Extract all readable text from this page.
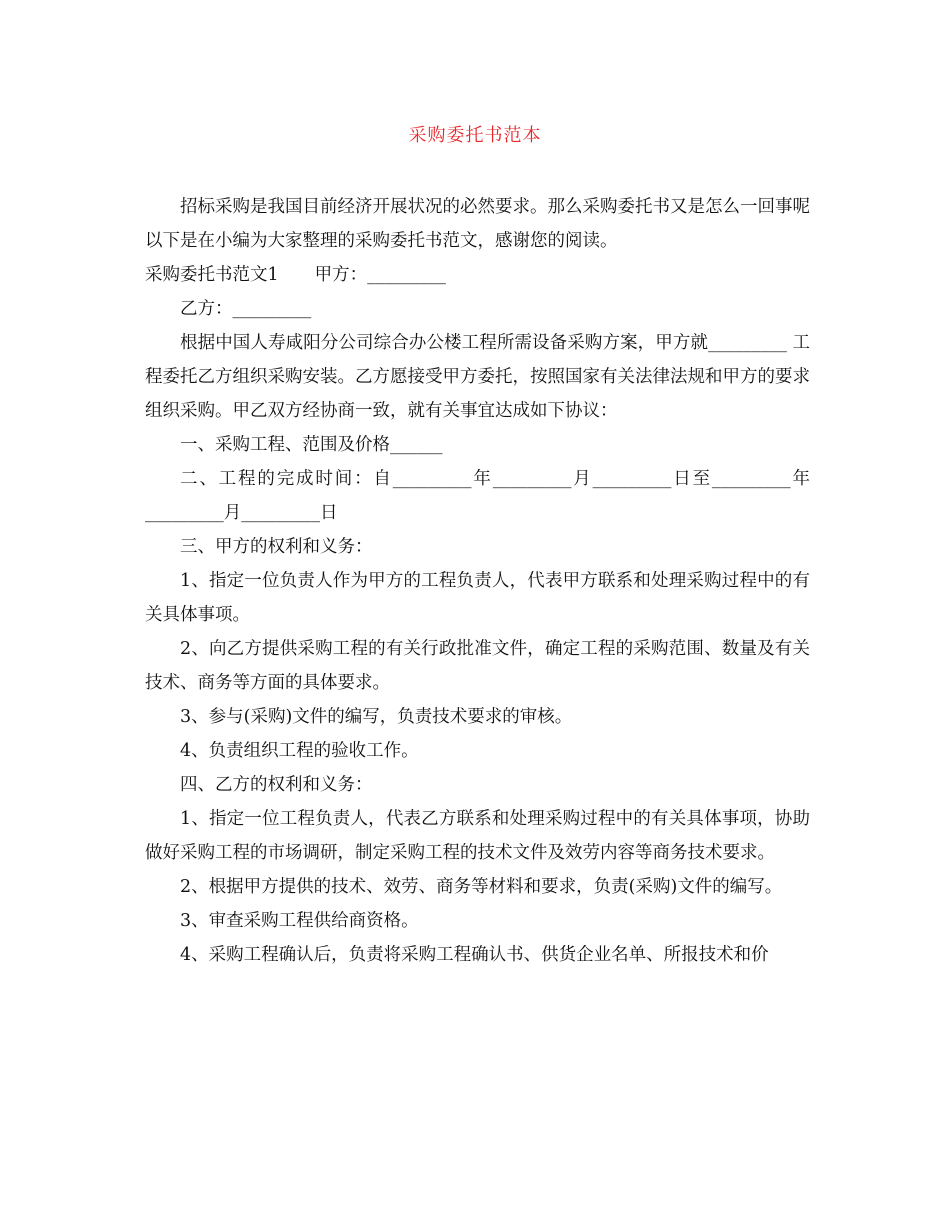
采购委托书范本

招标采购是我国目前经济开展状况的必然要求。那么采购委托书又是怎么一回事呢以下是在小编为大家整理的采购委托书范文，感谢您的阅读。

采购委托书范文1 甲方：_________

乙方：_________

根据中国人寿咸阳分公司综合办公楼工程所需设备采购方案，甲方就_________ 工程委托乙方组织采购安装。乙方愿接受甲方委托，按照国家有关法律法规和甲方的要求组织采购。甲乙双方经协商一致，就有关事宜达成如下协议：

一、采购工程、范围及价格______

二、工程的完成时间：自_________年_________月_________日至_________年_________月_________日

三、甲方的权利和义务：

1、指定一位负责人作为甲方的工程负责人，代表甲方联系和处理采购过程中的有关具体事项。

2、向乙方提供采购工程的有关行政批准文件，确定工程的采购范围、数量及有关技术、商务等方面的具体要求。

3、参与(采购)文件的编写，负责技术要求的审核。

4、负责组织工程的验收工作。

四、乙方的权利和义务：

1、指定一位工程负责人，代表乙方联系和处理采购过程中的有关具体事项，协助做好采购工程的市场调研，制定采购工程的技术文件及效劳内容等商务技术要求。

2、根据甲方提供的技术、效劳、商务等材料和要求，负责(采购)文件的编写。

3、审查采购工程供给商资格。

4、采购工程确认后，负责将采购工程确认书、供货企业名单、所报技术和价
